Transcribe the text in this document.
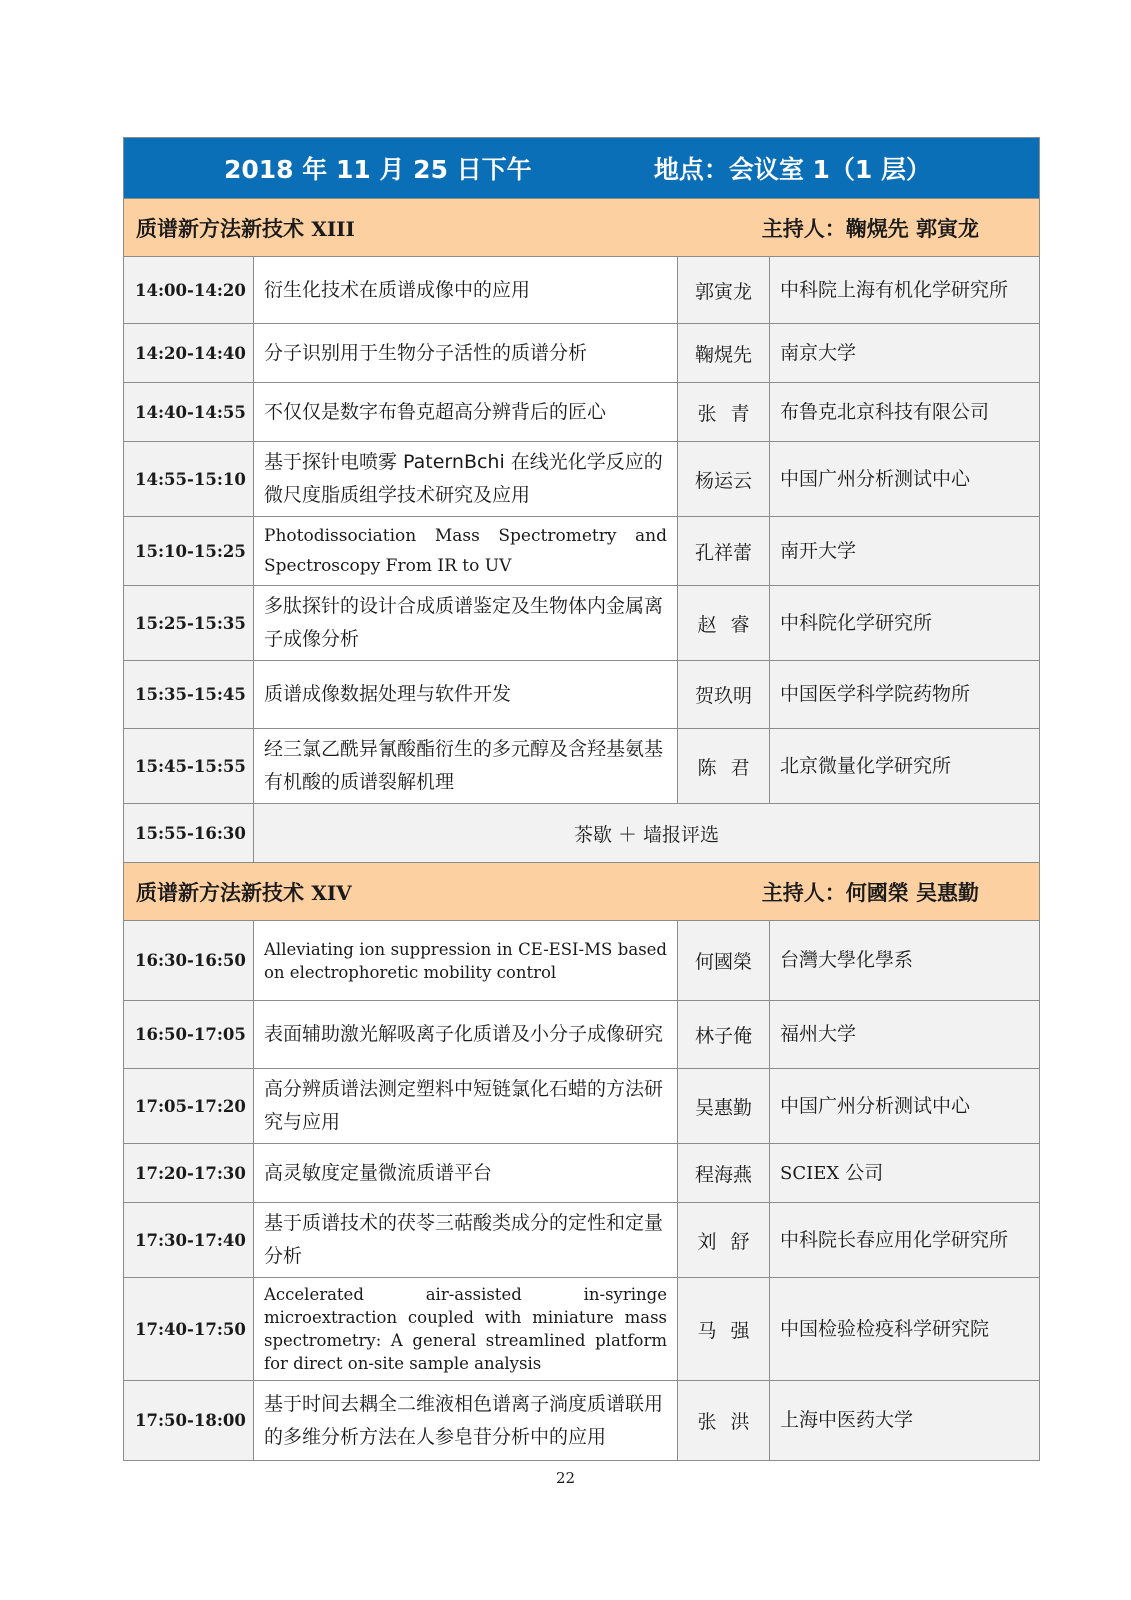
2018 年 11 月 25 日下午 地点：会议室 1（1 层）			

质谱新方法新技术 XIII 主持人：鞠熀先 郭寅龙			

14:00-14:20	衍生化技术在质谱成像中的应用	郭寅龙	中科院上海有机化学研究所
14:20-14:40	分子识别用于生物分子活性的质谱分析	鞠熀先	南京大学
14:40-14:55	不仅仅是数字布鲁克超高分辨背后的匠心	张青	布鲁克北京科技有限公司
14:55-15:10	基于探针电喷雾 PaternBchi 在线光化学反应的微尺度脂质组学技术研究及应用	杨运云	中国广州分析测试中心
15:10-15:25	Photodissociation Mass Spectrometry and Spectroscopy From IR to UV	孔祥蕾	南开大学
15:25-15:35	多肽探针的设计合成质谱鉴定及生物体内金属离子成像分析	赵睿	中科院化学研究所
15:35-15:45	质谱成像数据处理与软件开发	贺玖明	中国医学科学院药物所
15:45-15:55	经三氯乙酰异氰酸酯衍生的多元醇及含羟基氨基有机酸的质谱裂解机理	陈君	北京微量化学研究所
15:55-16:30	茶歇 ＋ 墙报评选		

质谱新方法新技术 XIV 主持人：何國榮 吴惠勤			

16:30-16:50	Alleviating ion suppression in CE-ESI-MS based on electrophoretic mobility control	何國榮	台灣大學化學系
16:50-17:05	表面辅助激光解吸离子化质谱及小分子成像研究	林子俺	福州大学
17:05-17:20	高分辨质谱法测定塑料中短链氯化石蜡的方法研究与应用	吴惠勤	中国广州分析测试中心
17:20-17:30	高灵敏度定量微流质谱平台	程海燕	SCIEX 公司
17:30-17:40	基于质谱技术的茯苓三萜酸类成分的定性和定量分析	刘舒	中科院长春应用化学研究所
17:40-17:50	Accelerated air-assisted in-syringe microextraction coupled with miniature mass spectrometry: A general streamlined platform for direct on-site sample analysis	马强	中国检验检疫科学研究院
17:50-18:00	基于时间去耦全二维液相色谱离子淌度质谱联用的多维分析方法在人参皂苷分析中的应用	张洪	上海中医药大学
22
